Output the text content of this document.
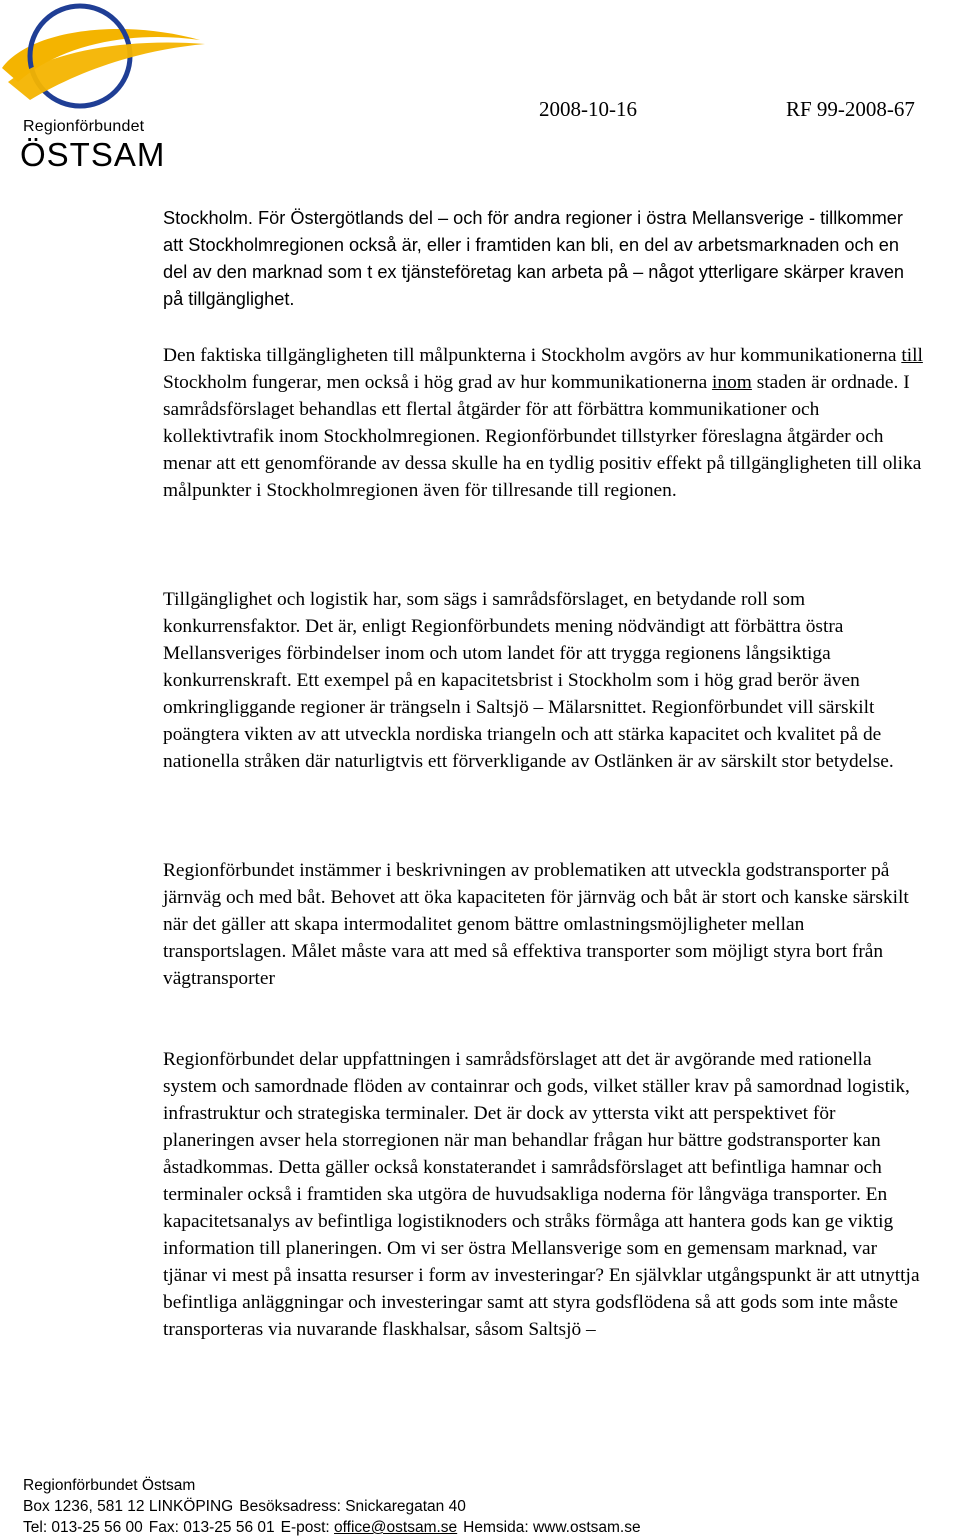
Regionförbundet
ÖSTSAM
2008-10-16	RF 99-2008-67

Stockholm. För Östergötlands del – och för andra regioner i östra Mellansverige - tillkommer att Stockholmregionen också är, eller i framtiden kan bli, en del av arbetsmarknaden och en del av den marknad som t ex tjänsteföretag kan arbeta på – något ytterligare skärper kraven på tillgänglighet.

Den faktiska tillgängligheten till målpunkterna i Stockholm avgörs av hur kommunikationerna till Stockholm fungerar, men också i hög grad av hur kommunikationerna inom staden är ordnade. I samrådsförslaget behandlas ett flertal åtgärder för att förbättra kommunikationer och kollektivtrafik inom Stockholmregionen. Regionförbundet tillstyrker föreslagna åtgärder och menar att ett genomförande av dessa skulle ha en tydlig positiv effekt på tillgängligheten till olika målpunkter i Stockholmregionen även för tillresande till regionen.

Tillgänglighet och logistik har, som sägs i samrådsförslaget, en betydande roll som konkurrensfaktor. Det är, enligt Regionförbundets mening nödvändigt att förbättra östra Mellansveriges förbindelser inom och utom landet för att trygga regionens långsiktiga konkurrenskraft. Ett exempel på en kapacitetsbrist i Stockholm som i hög grad berör även omkringliggande regioner är trängseln i Saltsjö – Mälarsnittet. Regionförbundet vill särskilt poängtera vikten av att utveckla nordiska triangeln och att stärka kapacitet och kvalitet på de nationella stråken där naturligtvis ett förverkligande av Ostlänken är av särskilt stor betydelse.

Regionförbundet instämmer i beskrivningen av problematiken att utveckla godstransporter på järnväg och med båt. Behovet att öka kapaciteten för järnväg och båt är stort och kanske särskilt när det gäller att skapa intermodalitet genom bättre omlastningsmöjligheter mellan transportslagen. Målet måste vara att med så effektiva transporter som möjligt styra bort från vägtransporter

Regionförbundet delar uppfattningen i samrådsförslaget att det är avgörande med rationella system och samordnade flöden av containrar och gods, vilket ställer krav på samordnad logistik, infrastruktur och strategiska terminaler. Det är dock av yttersta vikt att perspektivet för planeringen avser hela storregionen när man behandlar frågan hur bättre godstransporter kan åstadkommas. Detta gäller också konstaterandet i samrådsförslaget att befintliga hamnar och terminaler också i framtiden ska utgöra de huvudsakliga noderna för långväga transporter. En kapacitetsanalys av befintliga logistiknoders och stråks förmåga att hantera gods kan ge viktig information till planeringen. Om vi ser östra Mellansverige som en gemensam marknad, var tjänar vi mest på insatta resurser i form av investeringar? En självklar utgångspunkt är att utnyttja befintliga anläggningar och investeringar samt att styra godsflödena så att gods som inte måste transporteras via nuvarande flaskhalsar, såsom Saltsjö –

Regionförbundet Östsam
Box 1236, 581 12 LINKÖPING Besöksadress: Snickaregatan 40
Tel: 013-25 56 00 Fax: 013-25 56 01 E-post: office@ostsam.se Hemsida: www.ostsam.se
